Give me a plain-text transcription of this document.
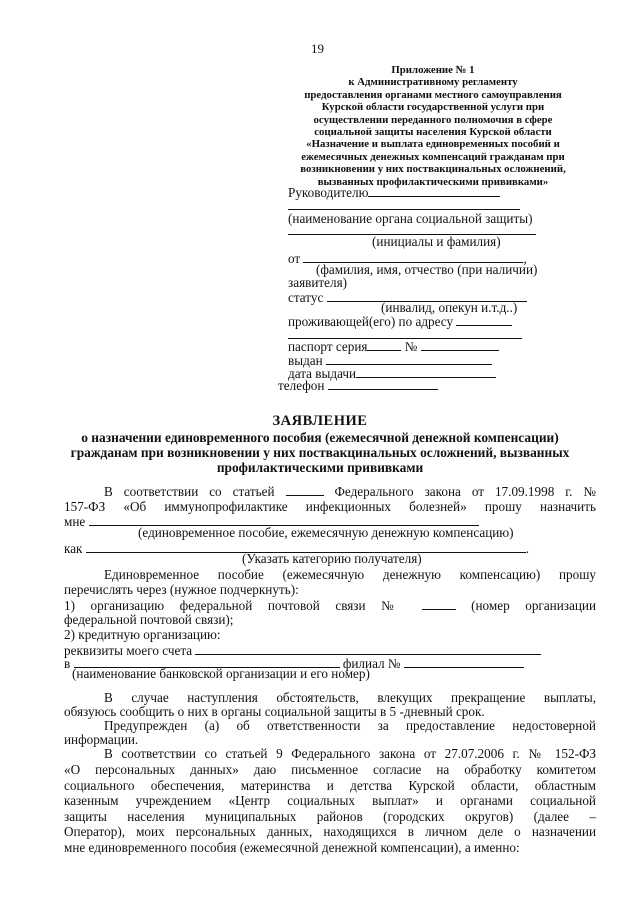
19
Приложение № 1
к Административному регламенту
предоставления органами местного самоуправления
Курской области государственной услуги при
осуществлении переданного полномочия в сфере
социальной защиты населения Курской области
«Назначение и выплата единовременных пособий и
ежемесячных денежных компенсаций гражданам при
возникновении у них поствакцинальных осложнений,
вызванных профилактическими прививками»
Руководителю
(наименование органа социальной защиты)
(инициалы и фамилия)
от	,
(фамилия, имя, отчество (при наличии)
заявителя)
статус
(инвалид, опекун и.т.д..)
проживающей(его) по адресу
паспорт серия	№
выдан
дата выдачи
телефон
ЗАЯВЛЕНИЕ
о назначении единовременного пособия (ежемесячной денежной компенсации)
гражданам при возникновении у них поствакцинальных осложнений, вызванных
профилактическими прививками
В соответствии со статьей	Федерального закона от 17.09.1998 г. №
157-ФЗ «Об иммунопрофилактике инфекционных болезней» прошу назначить
мне
(единовременное пособие, ежемесячную денежную компенсацию)
как	.
(Указать категорию получателя)
Единовременное пособие (ежемесячную денежную компенсацию) прошу
перечислять через (нужное подчеркнуть):
1) организацию федеральной почтовой связи №	(номер организации
федеральной почтовой связи);
2) кредитную организацию:
реквизиты моего счета
в	филиал №
(наименование банковской организации и его номер)
В случае наступления обстоятельств, влекущих прекращение выплаты,
обязуюсь сообщить о них в органы социальной защиты в 5 -дневный срок.
Предупрежден (а) об ответственности за предоставление недостоверной
информации.
В соответствии со статьей 9 Федерального закона от 27.07.2006 г. № 152-ФЗ
«О персональных данных» даю письменное согласие на обработку комитетом
социального обеспечения, материнства и детства Курской области, областным
казенным учреждением «Центр социальных выплат» и органами социальной
защиты населения муниципальных районов (городских округов) (далее –
Оператор), моих персональных данных, находящихся в личном деле о назначении
мне единовременного пособия (ежемесячной денежной компенсации), а именно:
